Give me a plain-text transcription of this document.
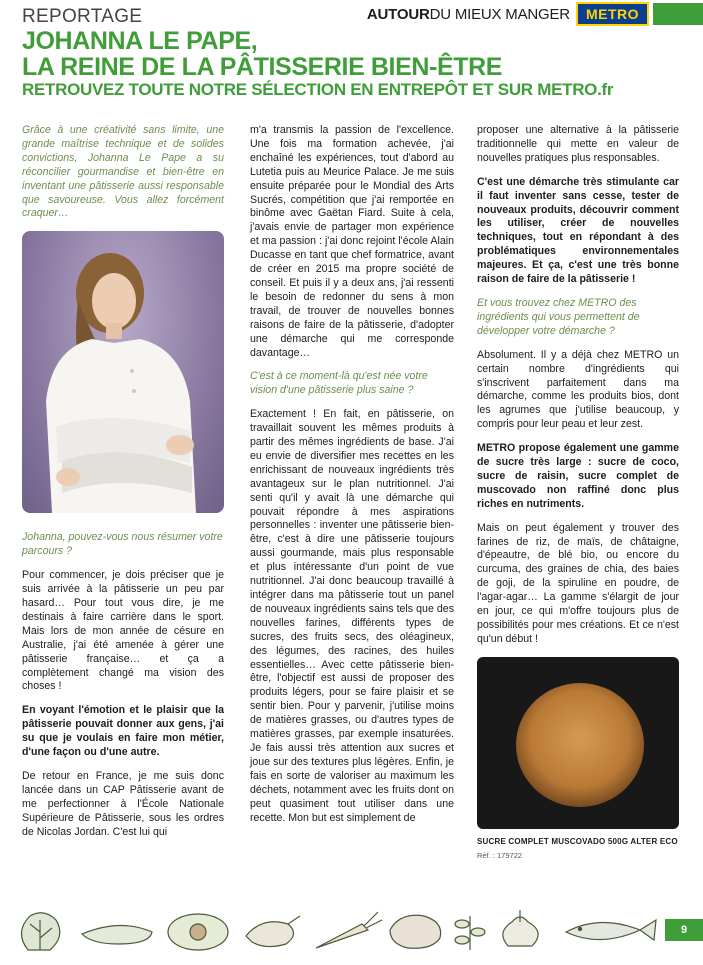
REPORTAGE	AUTOURDU MIEUX MANGER	METRO
JOHANNA LE PAPE,
LA REINE DE LA PÂTISSERIE BIEN-ÊTRE
RETROUVEZ TOUTE NOTRE SÉLECTION EN ENTREPÔT ET SUR METRO.fr

Grâce à une créativité sans limite, une grande maîtrise technique et de solides convictions, Johanna Le Pape a su réconcilier gourmandise et bien-être en inventant une pâtisserie aussi responsable que savoureuse. Vous allez forcément craquer…

Johanna, pouvez-vous nous résumer votre parcours ?

Pour commencer, je dois préciser que je suis arrivée à la pâtisserie un peu par hasard… Pour tout vous dire, je me destinais à faire carrière dans le sport. Mais lors de mon année de césure en Australie, j'ai été amenée à gérer une pâtisserie française… et ça a complètement changé ma vision des choses !

En voyant l'émotion et le plaisir que la pâtisserie pouvait donner aux gens, j'ai su que je voulais en faire mon métier, d'une façon ou d'une autre.

De retour en France, je me suis donc lancée dans un CAP Pâtisserie avant de me perfectionner à l'École Nationale Supérieure de Pâtisserie, sous les ordres de Nicolas Jordan. C'est lui qui

m'a transmis la passion de l'excellence. Une fois ma formation achevée, j'ai enchaîné les expériences, tout d'abord au Lutetia puis au Meurice Palace. Je me suis ensuite préparée pour le Mondial des Arts Sucrés, compétition que j'ai remportée en binôme avec Gaëtan Fiard. Suite à cela, j'avais envie de partager mon expérience et ma passion : j'ai donc rejoint l'école Alain Ducasse en tant que chef formatrice, avant de créer en 2015 ma propre société de conseil. Et puis il y a deux ans, j'ai ressenti le besoin de redonner du sens à mon travail, de trouver de nouvelles bonnes raisons de faire de la pâtisserie, d'adopter une démarche qui me corresponde davantage…

C'est à ce moment-là qu'est née votre vision d'une pâtisserie plus saine ?

Exactement ! En fait, en pâtisserie, on travaillait souvent les mêmes produits à partir des mêmes ingrédients de base. J'ai eu envie de diversifier mes recettes en les enrichissant de nouveaux ingrédients très avantageux sur le plan nutritionnel. J'ai senti qu'il y avait là une démarche qui pouvait répondre à mes aspirations personnelles : inventer une pâtisserie bien-être, c'est à dire une pâtisserie toujours aussi gourmande, mais plus responsable et plus intéressante d'un point de vue nutritionnel. J'ai donc beaucoup travaillé à intégrer dans ma pâtisserie tout un panel de nouveaux ingrédients sains tels que des nouvelles farines, différents types de sucres, des fruits secs, des oléagineux, des légumes, des racines, des huiles essentielles… Avec cette pâtisserie bien-être, l'objectif est aussi de proposer des produits légers, pour se faire plaisir et se sentir bien. Pour y parvenir, j'utilise moins de matières grasses, ou d'autres types de matières grasses, par exemple insaturées. Je fais aussi très attention aux sucres et joue sur des textures plus légères. Enfin, je fais en sorte de valoriser au maximum les déchets, notamment avec les fruits dont on peut quasiment tout utiliser dans une recette. Mon but est simplement de

proposer une alternative à la pâtisserie traditionnelle qui mette en valeur de nouvelles pratiques plus responsables.

C'est une démarche très stimulante car il faut inventer sans cesse, tester de nouveaux produits, découvrir comment les utiliser, créer de nouvelles techniques, tout en répondant à des problématiques environnementales majeures. Et ça, c'est une très bonne raison de faire de la pâtisserie !

Et vous trouvez chez METRO des ingrédients qui vous permettent de développer votre démarche ?

Absolument. Il y a déjà chez METRO un certain nombre d'ingrédients qui s'inscrivent parfaitement dans ma démarche, comme les produits bios, dont les agrumes que j'utilise beaucoup, y compris pour leur peau et leur zest.

METRO propose également une gamme de sucre très large : sucre de coco, sucre de raisin, sucre complet de muscovado non raffiné donc plus riches en nutriments.

Mais on peut également y trouver des farines de riz, de maïs, de châtaigne, d'épeautre, de blé bio, ou encore du curcuma, des graines de chia, des baies de goji, de la spiruline en poudre, de l'agar-agar… La gamme s'élargit de jour en jour, ce qui m'offre toujours plus de possibilités pour mes créations. Et ce n'est qu'un début !

SUCRE COMPLET MUSCOVADO 500G ALTER ECO
Réf. : 179722
9
